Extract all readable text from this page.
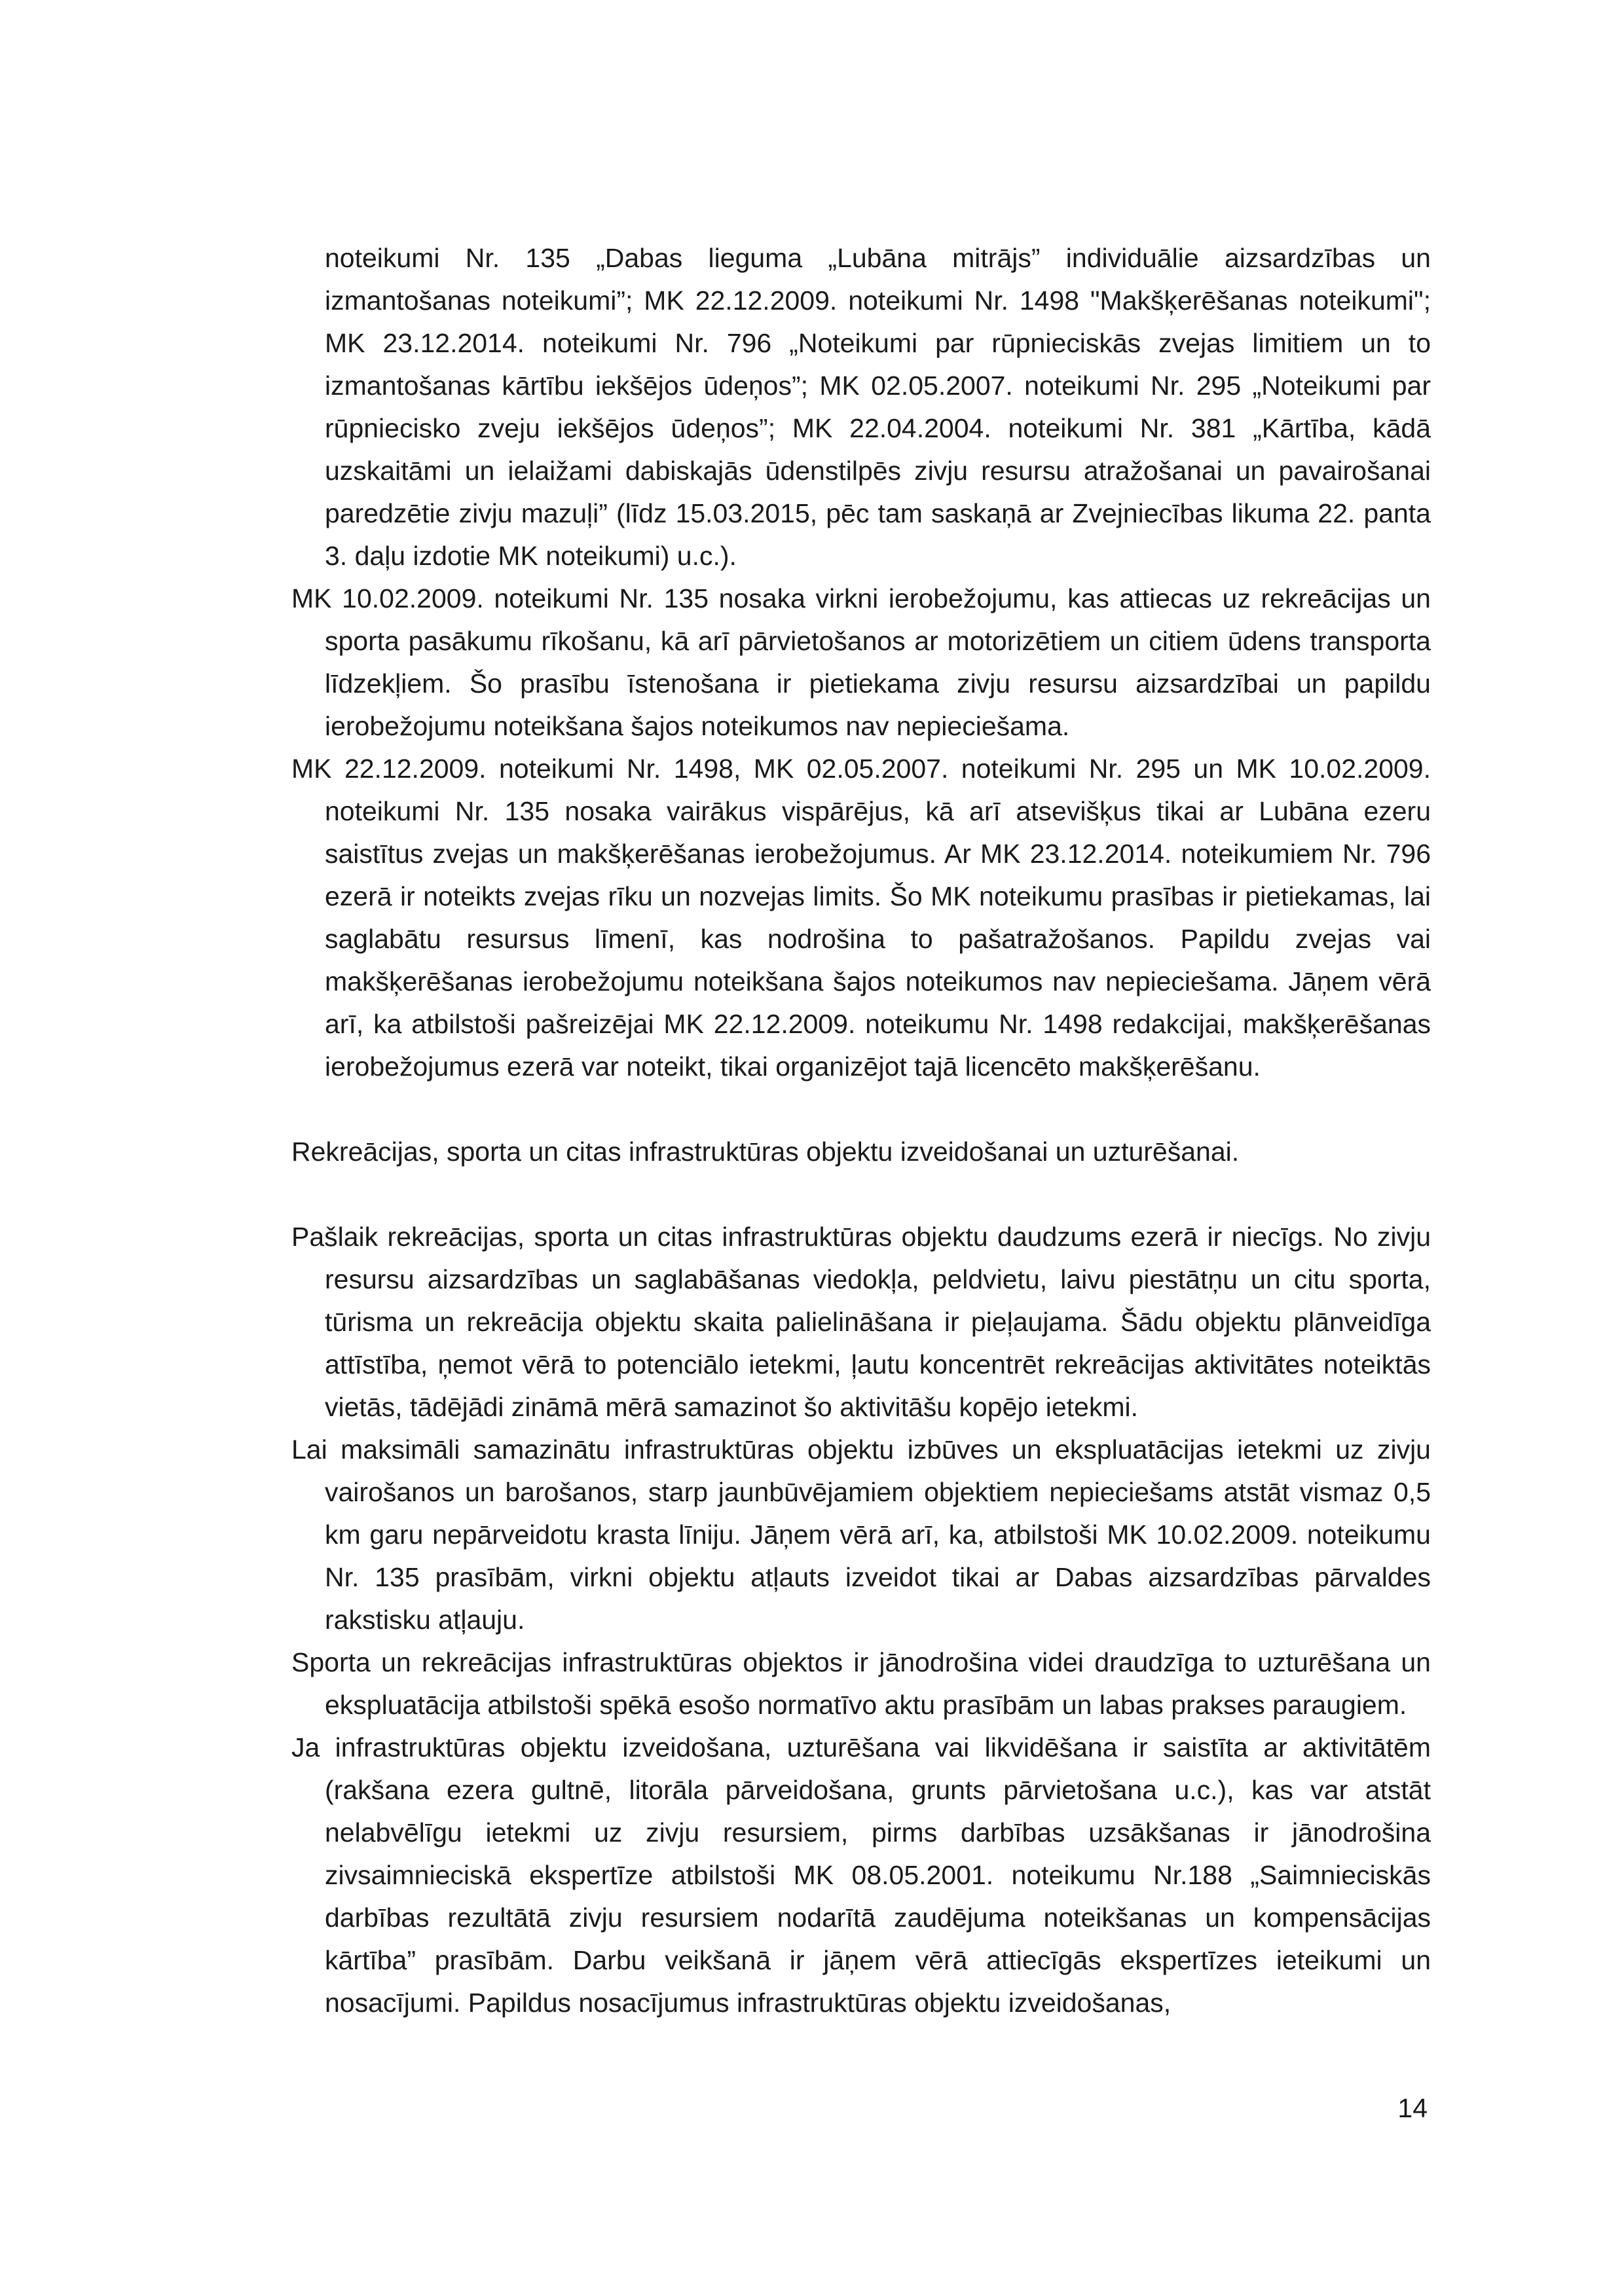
noteikumi Nr. 135 „Dabas lieguma „Lubāna mitrājs” individuālie aizsardzības un izmantošanas noteikumi”; MK 22.12.2009. noteikumi Nr. 1498 "Makšķerēšanas noteikumi"; MK 23.12.2014. noteikumi Nr. 796 „Noteikumi par rūpnieciskās zvejas limitiem un to izmantošanas kārtību iekšējos ūdeņos”; MK 02.05.2007. noteikumi Nr. 295 „Noteikumi par rūpniecisko zveju iekšējos ūdeņos”; MK 22.04.2004. noteikumi Nr. 381 „Kārtība, kādā uzskaitāmi un ielaižami dabiskajās ūdenstilpēs zivju resursu atražošanai un pavairošanai paredzētie zivju mazuļi” (līdz 15.03.2015, pēc tam saskaņā ar Zvejniecības likuma 22. panta 3. daļu izdotie MK noteikumi) u.c.).

MK 10.02.2009. noteikumi Nr. 135 nosaka virkni ierobežojumu, kas attiecas uz rekreācijas un sporta pasākumu rīkošanu, kā arī pārvietošanos ar motorizētiem un citiem ūdens transporta līdzekļiem. Šo prasību īstenošana ir pietiekama zivju resursu aizsardzībai un papildu ierobežojumu noteikšana šajos noteikumos nav nepieciešama.

MK 22.12.2009. noteikumi Nr. 1498, MK 02.05.2007. noteikumi Nr. 295 un MK 10.02.2009. noteikumi Nr. 135 nosaka vairākus vispārējus, kā arī atsevišķus tikai ar Lubāna ezeru saistītus zvejas un makšķerēšanas ierobežojumus. Ar MK 23.12.2014. noteikumiem Nr. 796 ezerā ir noteikts zvejas rīku un nozvejas limits. Šo MK noteikumu prasības ir pietiekamas, lai saglabātu resursus līmenī, kas nodrošina to pašatražošanos. Papildu zvejas vai makšķerēšanas ierobežojumu noteikšana šajos noteikumos nav nepieciešama. Jāņem vērā arī, ka atbilstoši pašreizējai MK 22.12.2009. noteikumu Nr. 1498 redakcijai, makšķerēšanas ierobežojumus ezerā var noteikt, tikai organizējot tajā licencēto makšķerēšanu.

Rekreācijas, sporta un citas infrastruktūras objektu izveidošanai un uzturēšanai.

Pašlaik rekreācijas, sporta un citas infrastruktūras objektu daudzums ezerā ir niecīgs. No zivju resursu aizsardzības un saglabāšanas viedokļa, peldvietu, laivu piestātņu un citu sporta, tūrisma un rekreācija objektu skaita palielināšana ir pieļaujama. Šādu objektu plānveidīga attīstība, ņemot vērā to potenciālo ietekmi, ļautu koncentrēt rekreācijas aktivitātes noteiktās vietās, tādējādi zināmā mērā samazinot šo aktivitāšu kopējo ietekmi.

Lai maksimāli samazinātu infrastruktūras objektu izbūves un ekspluatācijas ietekmi uz zivju vairošanos un barošanos, starp jaunbūvējamiem objektiem nepieciešams atstāt vismaz 0,5 km garu nepārveidotu krasta līniju. Jāņem vērā arī, ka, atbilstoši MK 10.02.2009. noteikumu Nr. 135 prasībām, virkni objektu atļauts izveidot tikai ar Dabas aizsardzības pārvaldes rakstisku atļauju.

Sporta un rekreācijas infrastruktūras objektos ir jānodrošina videi draudzīga to uzturēšana un ekspluatācija atbilstoši spēkā esošo normatīvo aktu prasībām un labas prakses paraugiem.

Ja infrastruktūras objektu izveidošana, uzturēšana vai likvidēšana ir saistīta ar aktivitātēm (rakšana ezera gultnē, litorāla pārveidošana, grunts pārvietošana u.c.), kas var atstāt nelabvēlīgu ietekmi uz zivju resursiem, pirms darbības uzsākšanas ir jānodrošina zivsaimnieciskā ekspertīze atbilstoši MK 08.05.2001. noteikumu Nr.188 „Saimnieciskās darbības rezultātā zivju resursiem nodarītā zaudējuma noteikšanas un kompensācijas kārtība” prasībām. Darbu veikšanā ir jāņem vērā attiecīgās ekspertīzes ieteikumi un nosacījumi. Papildus nosacījumus infrastruktūras objektu izveidošanas,

14
